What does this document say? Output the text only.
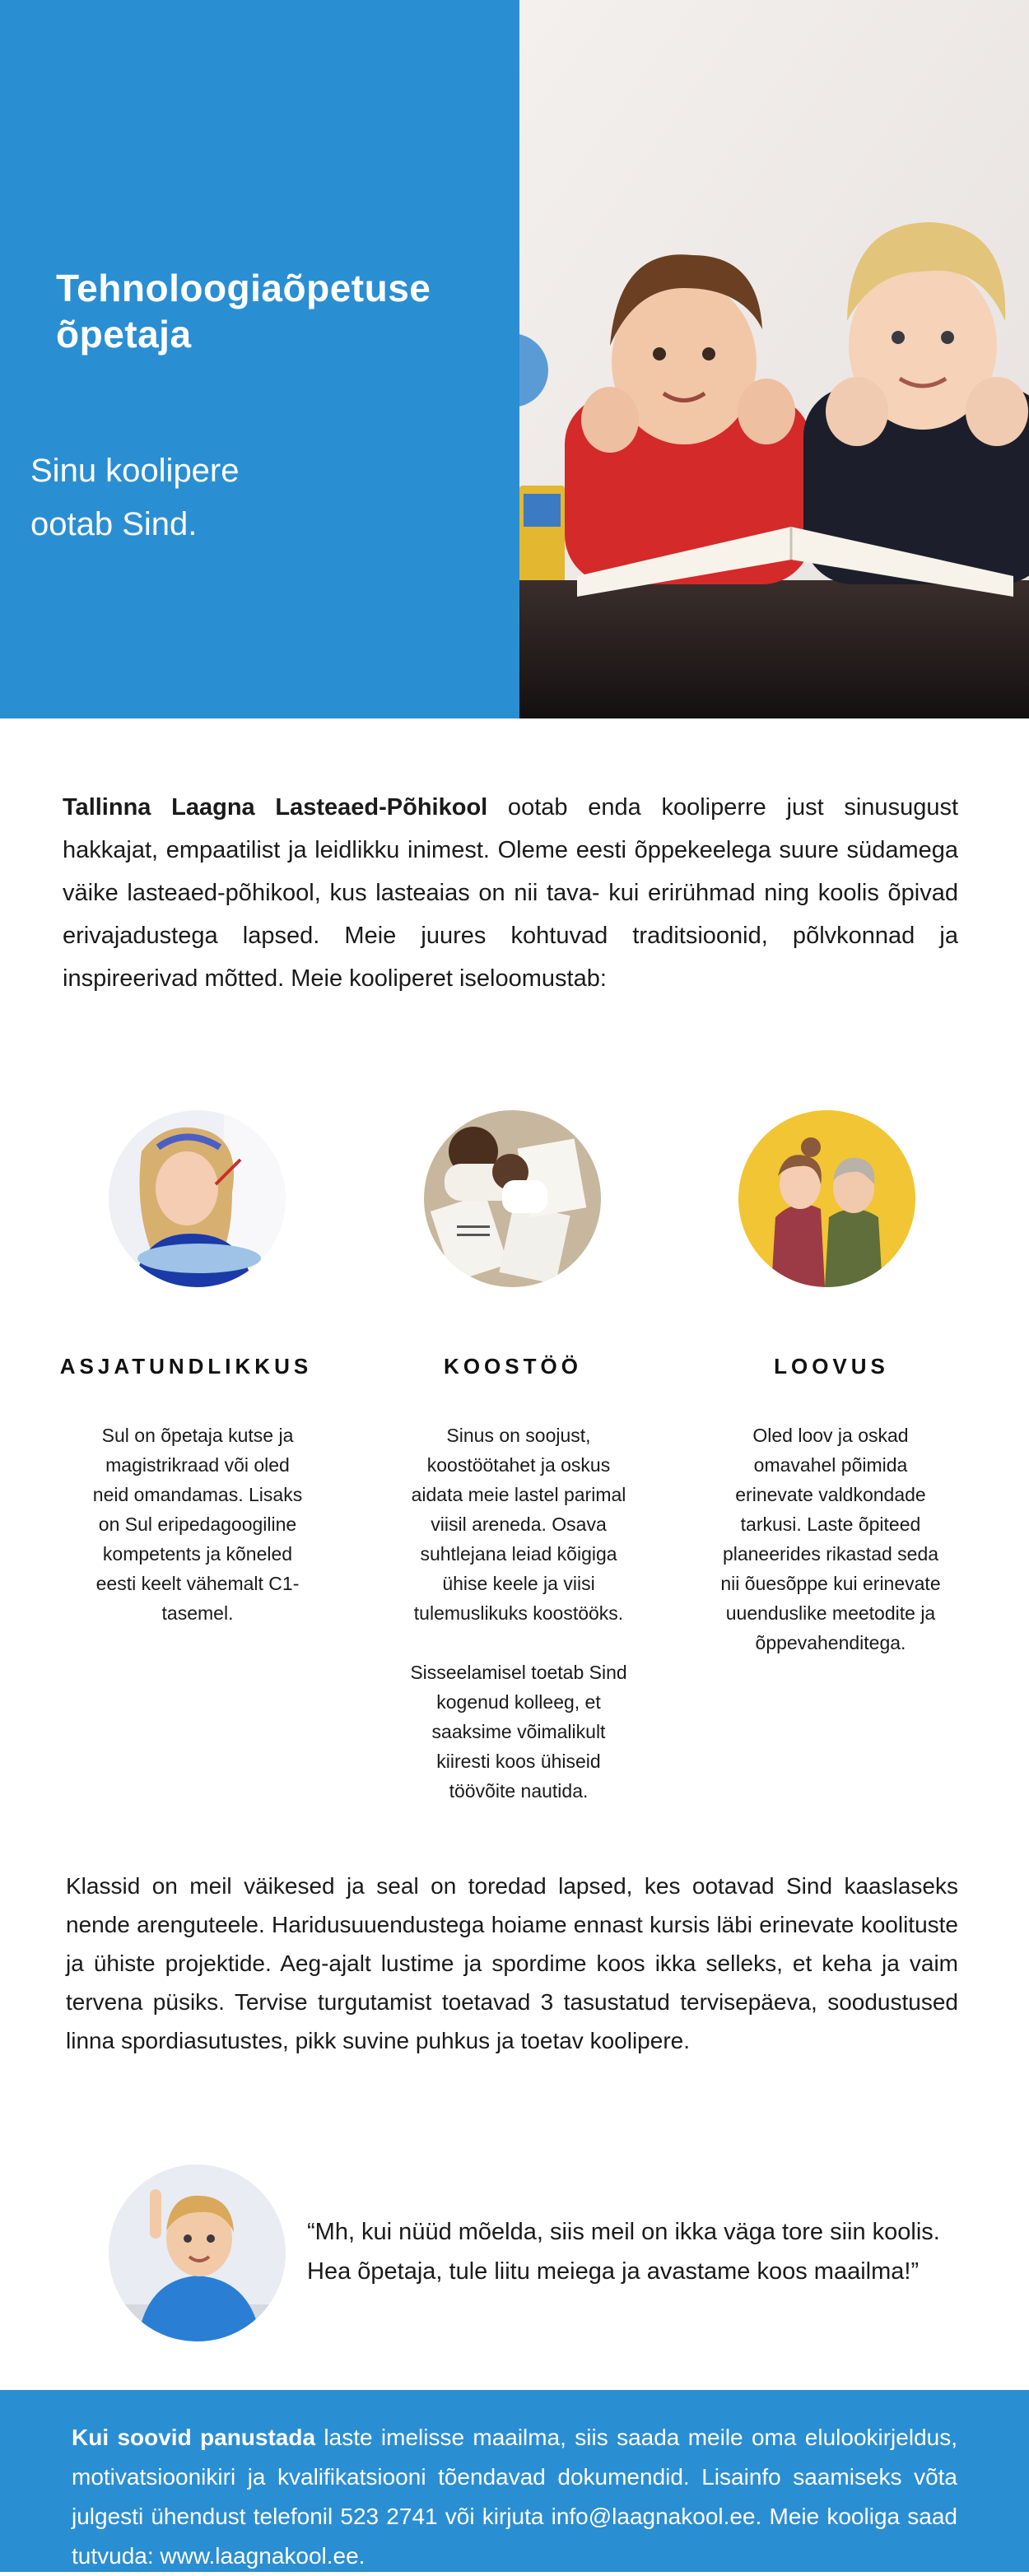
Tehnoloogiaõpetuse
õpetaja
Sinu koolipere
ootab Sind.
Tallinna Laagna Lasteaed-Põhikool ootab enda kooliperre just sinusugust hakkajat, empaatilist ja leidlikku inimest. Oleme eesti õppekeelega suure südamega väike lasteaed-põhikool, kus lasteaias on nii tava- kui erirühmad ning koolis õpivad erivajadustega lapsed. Meie juures kohtuvad traditsioonid, põlvkonnad ja inspireerivad mõtted. Meie kooliperet iseloomustab:
ASJATUNDLIKKUS	KOOSTÖÖ	LOOVUS
Sul on õpetaja kutse ja
magistrikraad või oled
neid omandamas. Lisaks
on Sul eripedagoogiline
kompetents ja kõneled
eesti keelt vähemalt C1-
tasemel.
Sinus on soojust,
koostöötahet ja oskus
aidata meie lastel parimal
viisil areneda. Osava
suhtlejana leiad kõigiga
ühise keele ja viisi
tulemuslikuks koostööks.
Sisseelamisel toetab Sind
kogenud kolleeg, et
saaksime võimalikult
kiiresti koos ühiseid
töövõite nautida.
Oled loov ja oskad
omavahel põimida
erinevate valdkondade
tarkusi. Laste õpiteed
planeerides rikastad seda
nii õuesõppe kui erinevate
uuenduslike meetodite ja
õppevahenditega.
Klassid on meil väikesed ja seal on toredad lapsed, kes ootavad Sind kaaslaseks nende arenguteele. Haridusuuendustega hoiame ennast kursis läbi erinevate koolituste ja ühiste projektide. Aeg-ajalt lustime ja spordime koos ikka selleks, et keha ja vaim tervena püsiks. Tervise turgutamist toetavad 3 tasustatud tervisepäeva, soodustused linna spordiasutustes, pikk suvine puhkus ja toetav koolipere.
“Mh, kui nüüd mõelda, siis meil on ikka väga tore siin koolis.
Hea õpetaja, tule liitu meiega ja avastame koos maailma!”
Kui soovid panustada laste imelisse maailma, siis saada meile oma elulookirjeldus, motivatsioonikiri ja kvalifikatsiooni tõendavad dokumendid. Lisainfo saamiseks võta julgesti ühendust telefonil 523 2741 või kirjuta info@laagnakool.ee. Meie kooliga saad tutvuda: www.laagnakool.ee.
